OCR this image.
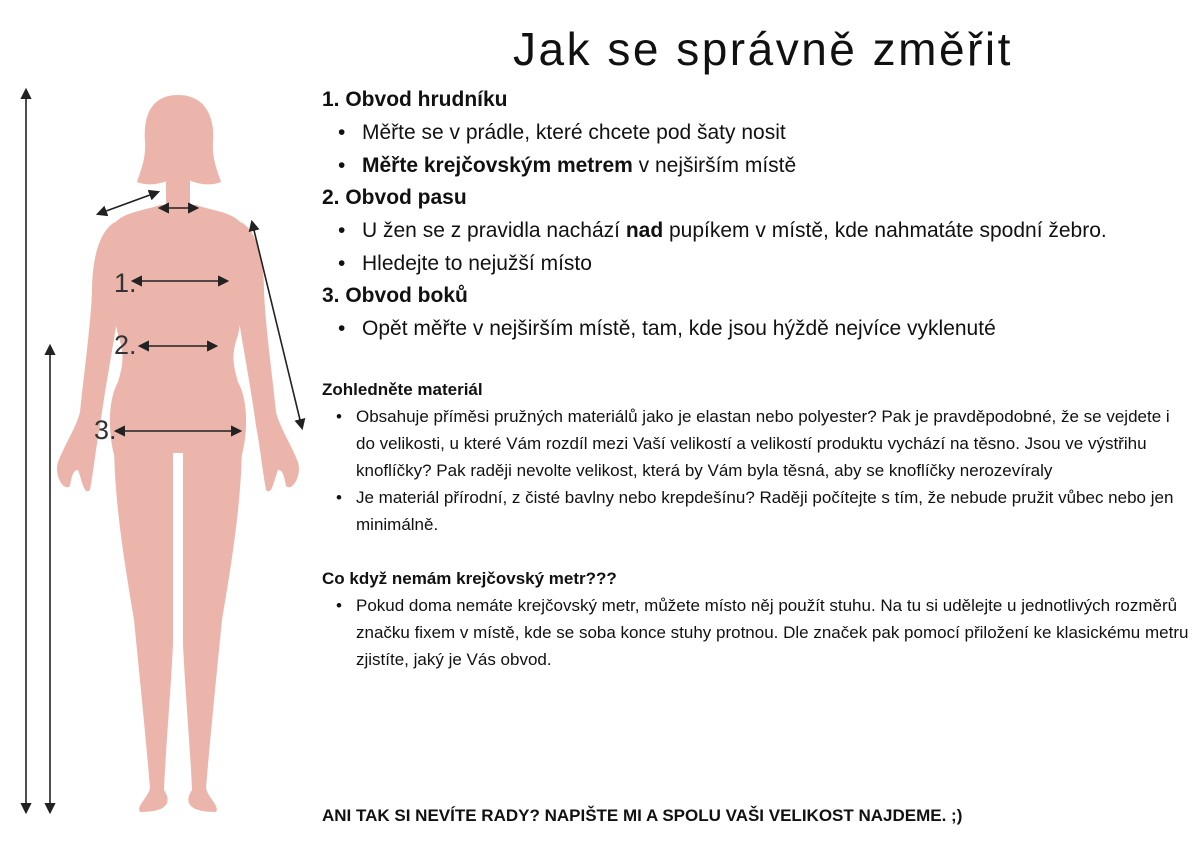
1.
2.
3.
Jak se správně změřit

1. Obvod hrudníku

• Měřte se v prádle, které chcete pod šaty nosit
• Měřte krejčovským metrem v nejširším místě

2. Obvod pasu

• U žen se z pravidla nachází nad pupíkem v místě, kde nahmatáte spodní žebro.
• Hledejte to nejužší místo

3. Obvod boků

• Opět měřte v nejširším místě, tam, kde jsou hýždě nejvíce vyklenuté

Zohledněte materiál

• Obsahuje příměsi pružných materiálů jako je elastan nebo polyester? Pak je pravděpodobné, že se vejdete i do velikosti, u které Vám rozdíl mezi Vaší velikostí a velikostí produktu vychází na těsno. Jsou ve výstřihu knoflíčky? Pak raději nevolte velikost, která by Vám byla těsná, aby se knoflíčky nerozevíraly
• Je materiál přírodní, z čisté bavlny nebo krepdešínu? Raději počítejte s tím, že nebude pružit vůbec nebo jen minimálně.

Co když nemám krejčovský metr???

• Pokud doma nemáte krejčovský metr, můžete místo něj použít stuhu. Na tu si udělejte u jednotlivých rozměrů značku fixem v místě, kde se soba konce stuhy protnou. Dle značek pak pomocí přiložení ke klasickému metru zjistíte, jaký je Vás obvod.

ANI TAK SI NEVÍTE RADY? NAPIŠTE MI A SPOLU VAŠI VELIKOST NAJDEME. ;)
